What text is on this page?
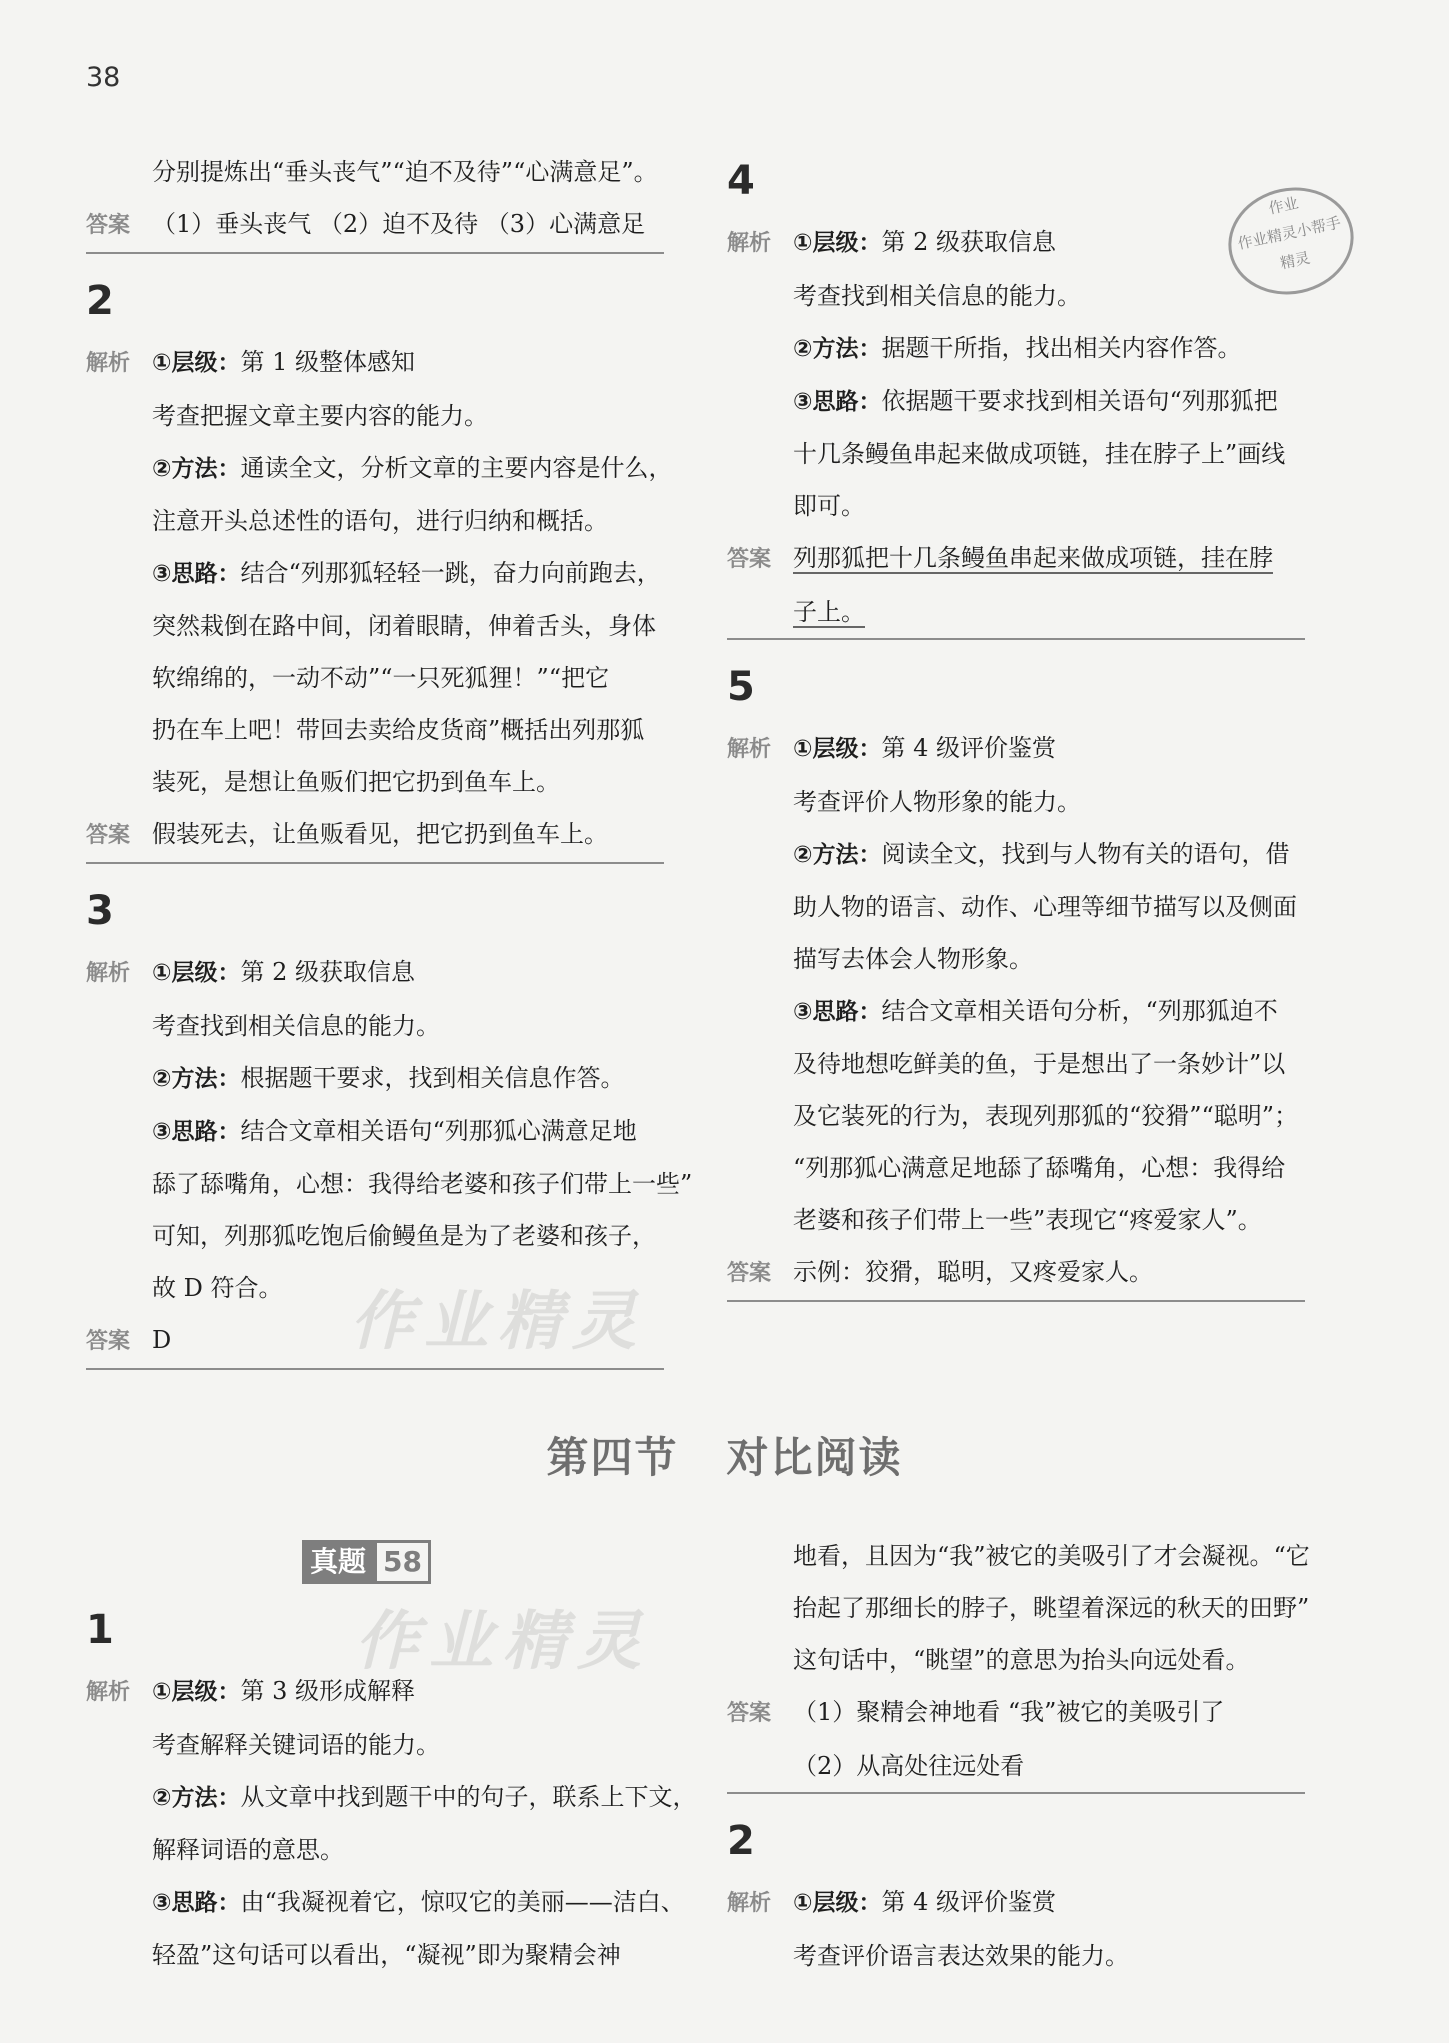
38
作业
作业精灵小帮手
精灵
分别提炼出“垂头丧气”“迫不及待”“心满意足”。
答案 （1）垂头丧气 （2）迫不及待 （3）心满意足
2
解析 ①层级：第 1 级整体感知
考查把握文章主要内容的能力。
②方法：通读全文，分析文章的主要内容是什么，
注意开头总述性的语句，进行归纳和概括。
③思路：结合“列那狐轻轻一跳，奋力向前跑去，
突然栽倒在路中间，闭着眼睛，伸着舌头，身体
软绵绵的，一动不动”“一只死狐狸！”“把它
扔在车上吧！带回去卖给皮货商”概括出列那狐
装死，是想让鱼贩们把它扔到鱼车上。
答案 假装死去，让鱼贩看见，把它扔到鱼车上。
3
解析 ①层级：第 2 级获取信息
考查找到相关信息的能力。
②方法：根据题干要求，找到相关信息作答。
③思路：结合文章相关语句“列那狐心满意足地
舔了舔嘴角，心想：我得给老婆和孩子们带上一些”
可知，列那狐吃饱后偷鳗鱼是为了老婆和孩子，
故 D 符合。
答案 D
4
解析 ①层级：第 2 级获取信息
考查找到相关信息的能力。
②方法：据题干所指，找出相关内容作答。
③思路：依据题干要求找到相关语句“列那狐把
十几条鳗鱼串起来做成项链，挂在脖子上”画线
即可。
答案 列那狐把十几条鳗鱼串起来做成项链，挂在脖
子上。
5
解析 ①层级：第 4 级评价鉴赏
考查评价人物形象的能力。
②方法：阅读全文，找到与人物有关的语句，借
助人物的语言、动作、心理等细节描写以及侧面
描写去体会人物形象。
③思路：结合文章相关语句分析，“列那狐迫不
及待地想吃鲜美的鱼，于是想出了一条妙计”以
及它装死的行为，表现列那狐的“狡猾”“聪明”；
“列那狐心满意足地舔了舔嘴角，心想：我得给
老婆和孩子们带上一些”表现它“疼爱家人”。
答案 示例：狡猾，聪明，又疼爱家人。
作业精灵
第四节 对比阅读
真题 58
作业精灵
1
解析 ①层级：第 3 级形成解释
考查解释关键词语的能力。
②方法：从文章中找到题干中的句子，联系上下文，
解释词语的意思。
③思路：由“我凝视着它，惊叹它的美丽——洁白、
轻盈”这句话可以看出，“凝视”即为聚精会神
地看，且因为“我”被它的美吸引了才会凝视。“它
抬起了那细长的脖子，眺望着深远的秋天的田野”
这句话中，“眺望”的意思为抬头向远处看。
答案 （1）聚精会神地看 “我”被它的美吸引了
（2）从高处往远处看
2
解析 ①层级：第 4 级评价鉴赏
考查评价语言表达效果的能力。
